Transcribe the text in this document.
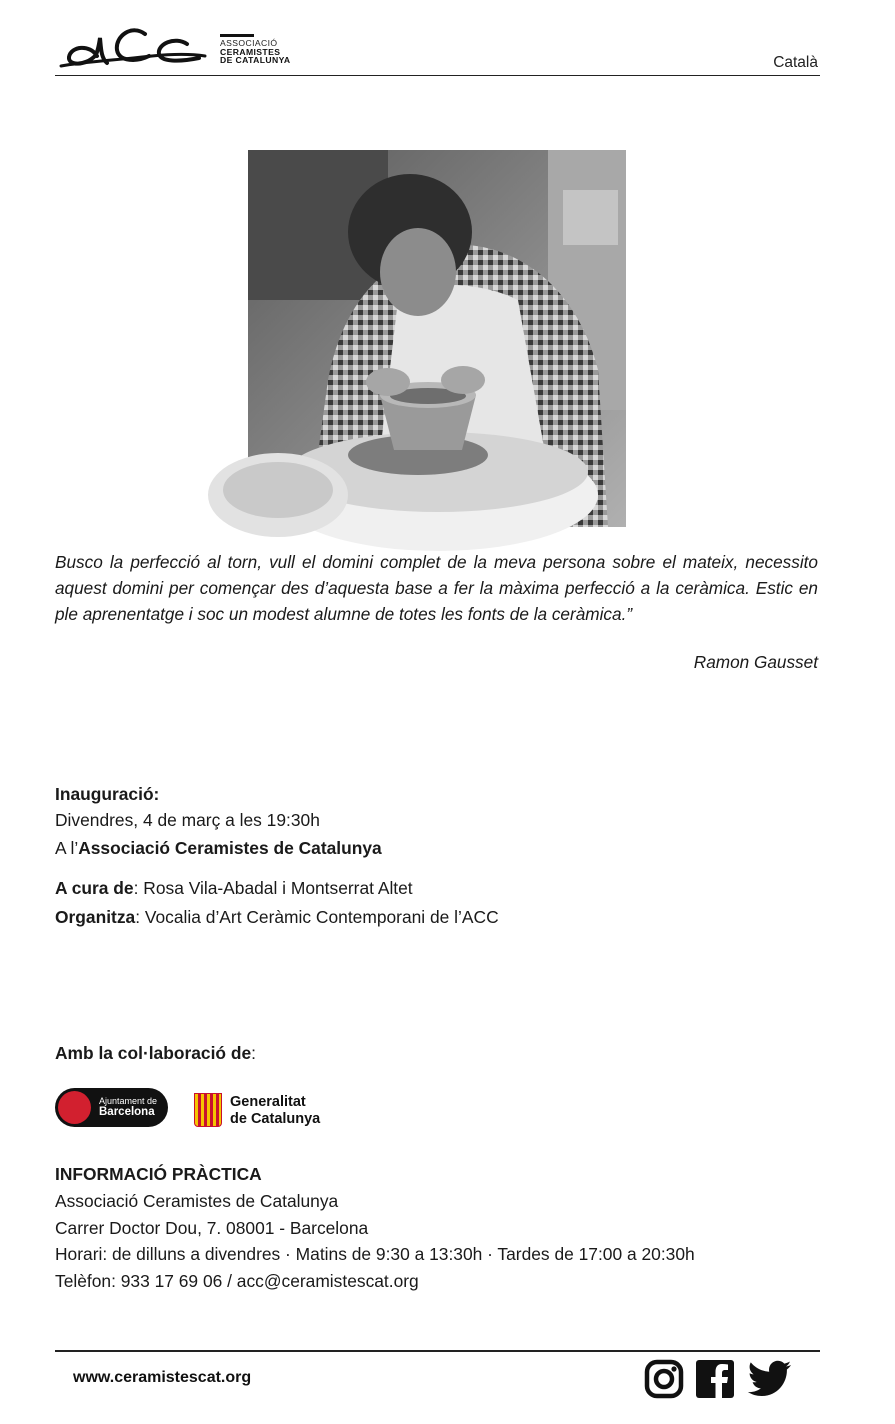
acc
ASSOCIACIÓ
CERAMISTES
DE CATALUNYA	Català

Busco la perfecció al torn, vull el domini complet de la meva persona sobre el mateix, necessito aquest domini per començar des d’aquesta base a fer la màxima perfecció a la ceràmica. Estic en ple aprenentatge i soc un modest alumne de totes les fonts de la ceràmica.”

Ramon Gausset
Inauguració:
Divendres, 4 de març a les 19:30h
A l’Associació Ceramistes de Catalunya
A cura de: Rosa Vila-Abadal i Montserrat Altet
Organitza: Vocalia d’Art Ceràmic Contemporani de l’ACC
Amb la col·laboració de:
Ajuntament de
Barcelona
Generalitat
de Catalunya
INFORMACIÓ PRÀCTICA
Associació Ceramistes de Catalunya
Carrer Doctor Dou, 7. 08001 - Barcelona
Horari: de dilluns a divendres · Matins de 9:30 a 13:30h · Tardes de 17:00 a 20:30h
Telèfon: 933 17 69 06 / acc@ceramistescat.org
www.ceramistescat.org
